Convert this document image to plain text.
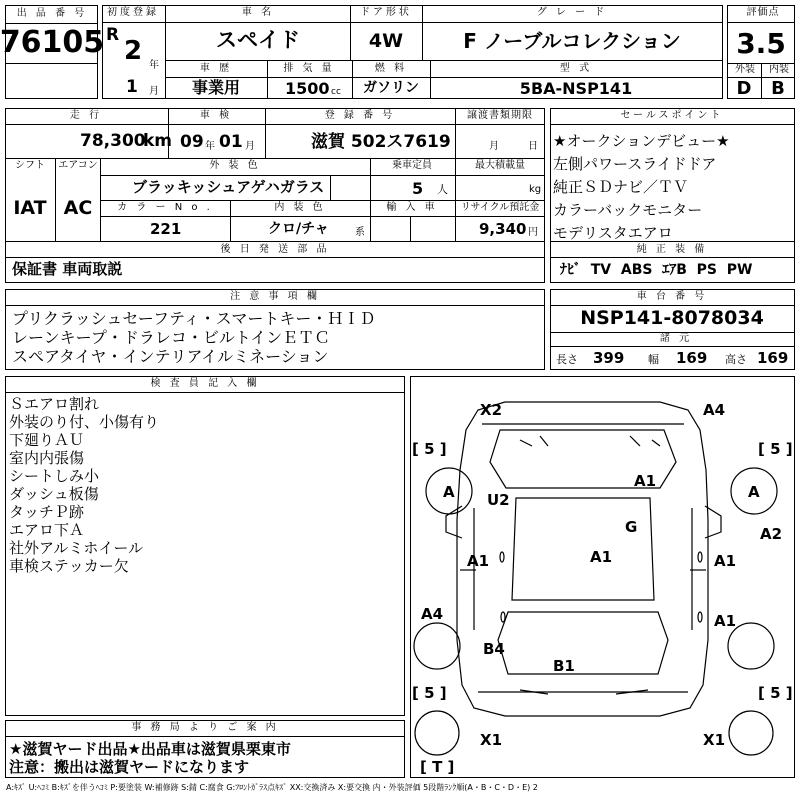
出 品 番 号
76105
初度登録
R
2 年
1 月
車 名
スペイド
ドア形状
4W
グ レ ー ド
F ノーブルコレクション
車 歴
事業用
排 気 量
1500 cc
燃 料
ガソリン
型 式
5BA-NSP141
評価点
3.5
外装 内装
D B
走 行
78,300
km
車 検
09 年 01 月
登 録 番 号
滋賀 502ス7619
譲渡書類期限
月	日
シフト
IAT
エアコン
AC
外 装 色
ブラッキッシュアゲハガラス
乗車定員
5 人
最大積載量
kg
カ ラ ー N o .
221
内 装 色
クロ/チャ	系
輸 入 車 リサイクル預託金
9,340 円
後 日 発 送 部 品
保証書 車両取説
セールスポイント
★オークションデビュー★
左側パワースライドドア
純正ＳＤナビ／ＴＶ
カラーバックモニター
モデリスタエアロ
純 正 装 備
ﾅﾋﾞ  TV  ABS  ｴｱB  PS  PW
注 意 事 項 欄
プリクラッシュセーフティ・スマートキー・ＨＩＤ
レーンキープ・ドラレコ・ビルトインＥＴＣ
スペアタイヤ・インテリアイルミネーション
車 台 番 号
NSP141-8078034
諸 元
長さ 399 幅 169 高さ 169
検 査 員 記 入 欄
Ｓエアロ割れ
外装のり付、小傷有り
下廻りＡＵ
室内内張傷
シートしみ小
ダッシュ板傷
タッチＰ跡
エアロ下Ａ
社外アルミホイール
車検ステッカー欠
事 務 局 よ り ご 案 内
★滋賀ヤード出品★出品車は滋賀県栗東市
注意：搬出は滋賀ヤードになります
[ 5 ]	[ 5 ]
[ 5 ]	[ 5 ]
[ T ]
X2	A4
A	A
U2
A1
G	A2
A1	A1	A1
A4	A1
B4
B1
X1	X1
A:ｷｽﾞ U:ﾍｺﾐ B:ｷｽﾞを伴うﾍｺﾐ P:要塗装 W:補修跡 S:錆 C:腐食 G:ﾌﾛﾝﾄｶﾞﾗｽ点ｷｽﾞ XX:交換済み X:要交換 内・外装評価 5段階ﾗﾝｸ順(A・B・C・D・E) 2
